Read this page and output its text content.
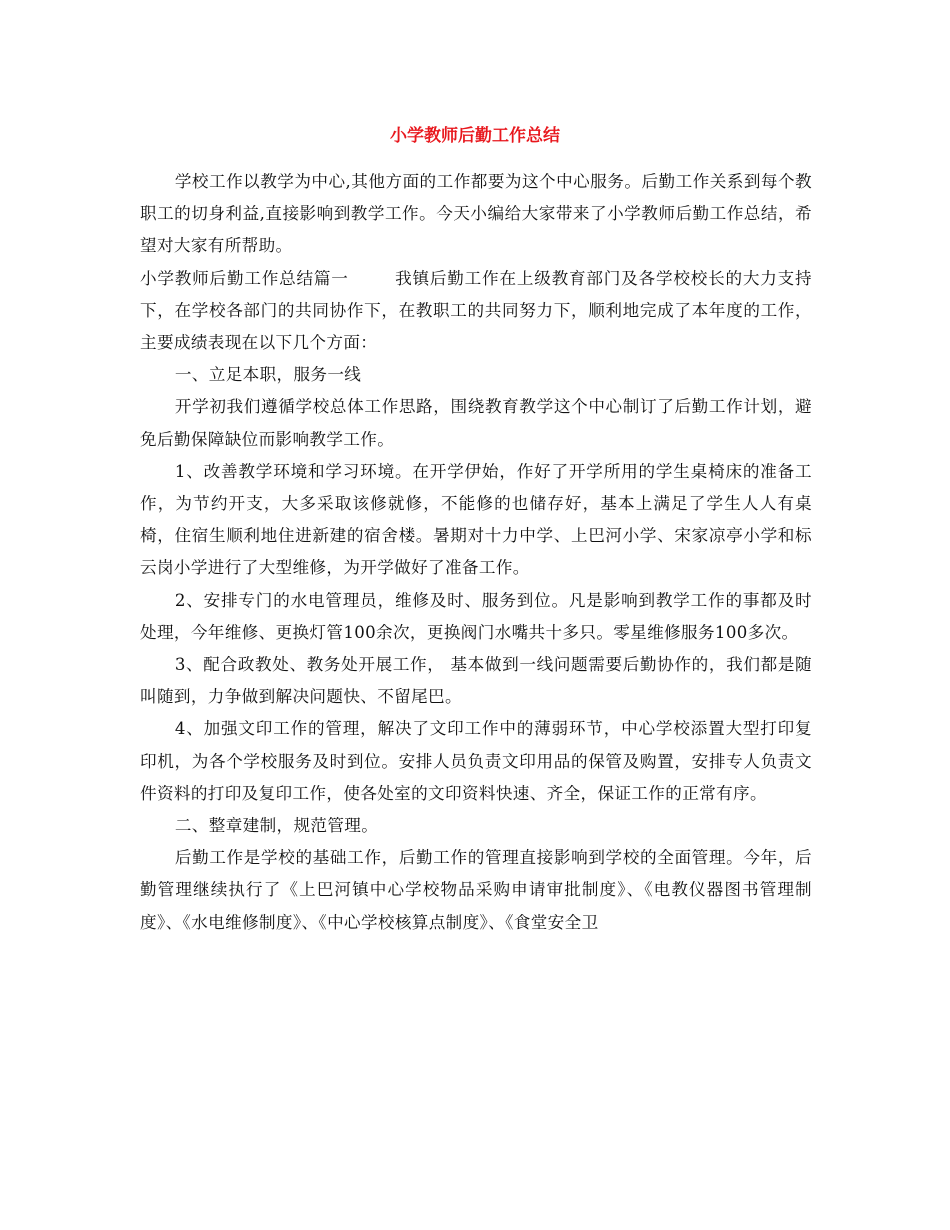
小学教师后勤工作总结

学校工作以教学为中心,其他方面的工作都要为这个中心服务。后勤工作关系到每个教职工的切身利益,直接影响到教学工作。今天小编给大家带来了小学教师后勤工作总结，希望对大家有所帮助。

小学教师后勤工作总结篇一	我镇后勤工作在上级教育部门及各学校校长的大力支持下，在学校各部门的共同协作下，在教职工的共同努力下，顺利地完成了本年度的工作，主要成绩表现在以下几个方面：

一、立足本职，服务一线

开学初我们遵循学校总体工作思路，围绕教育教学这个中心制订了后勤工作计划，避免后勤保障缺位而影响教学工作。

1、改善教学环境和学习环境。在开学伊始，作好了开学所用的学生桌椅床的准备工作，为节约开支，大多采取该修就修，不能修的也储存好，基本上满足了学生人人有桌椅，住宿生顺利地住进新建的宿舍楼。暑期对十力中学、上巴河小学、宋家凉亭小学和标云岗小学进行了大型维修，为开学做好了准备工作。

2、安排专门的水电管理员，维修及时、服务到位。凡是影响到教学工作的事都及时处理，今年维修、更换灯管100余次，更换阀门水嘴共十多只。零星维修服务100多次。

3、配合政教处、教务处开展工作， 基本做到一线问题需要后勤协作的，我们都是随叫随到，力争做到解决问题快、不留尾巴。

4、加强文印工作的管理，解决了文印工作中的薄弱环节，中心学校添置大型打印复印机，为各个学校服务及时到位。安排人员负责文印用品的保管及购置，安排专人负责文件资料的打印及复印工作，使各处室的文印资料快速、齐全，保证工作的正常有序。

二、整章建制，规范管理。

后勤工作是学校的基础工作，后勤工作的管理直接影响到学校的全面管理。今年，后勤管理继续执行了《上巴河镇中心学校物品采购申请审批制度》、《电教仪器图书管理制度》、《水电维修制度》、《中心学校核算点制度》、《食堂安全卫
